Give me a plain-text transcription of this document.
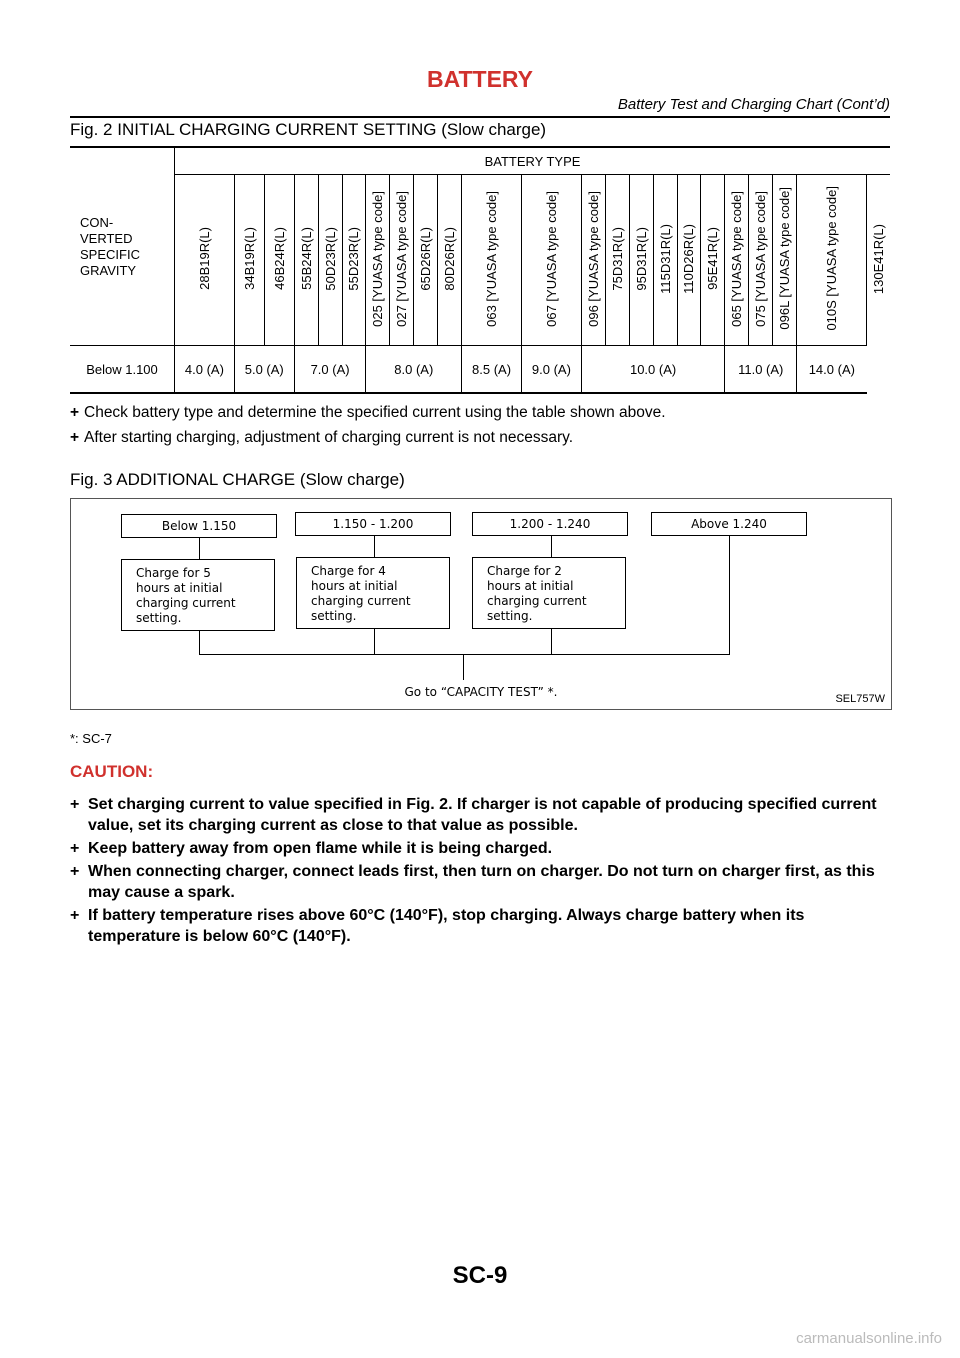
BATTERY
Battery Test and Charging Chart (Cont’d)
Fig. 2 INITIAL CHARGING CURRENT SETTING (Slow charge)
CON-
VERTED
SPECIFIC
GRAVITY	BATTERY TYPE																						
	28B19R(L)	34B19R(L)	46B24R(L)	55B24R(L)	50D23R(L)	55D23R(L)	025 [YUASA type code]	027 [YUASA type code]	65D26R(L)	80D26R(L)	063 [YUASA type code]	067 [YUASA type code]	096 [YUASA type code]	75D31R(L)	95D31R(L)	115D31R(L)	110D26R(L)	95E41R(L)	065 [YUASA type code]	075 [YUASA type code]	096L [YUASA type code]	010S [YUASA type code]	130E41R(L)
Below 1.100	4.0 (A)	5.0 (A)		7.0 (A)			8.0 (A)				8.5 (A)	9.0 (A)	10.0 (A)						11.0 (A)			14.0 (A)	
+ Check battery type and determine the specified current using the table shown above.
+ After starting charging, adjustment of charging current is not necessary.
Fig. 3 ADDITIONAL CHARGE (Slow charge)
Below 1.150	1.150 - 1.200	1.200 - 1.240	Above 1.240
Charge for 5
hours at initial
charging current
setting.
Charge for 4
hours at initial
charging current
setting.
Charge for 2
hours at initial
charging current
setting.
Go to “CAPACITY TEST” *.	SEL757W
*: SC-7
CAUTION:
+ Set charging current to value specified in Fig. 2. If charger is not capable of producing specified current value, set its charging current as close to that value as possible.
+ Keep battery away from open flame while it is being charged.
+ When connecting charger, connect leads first, then turn on charger. Do not turn on charger first, as this may cause a spark.
+ If battery temperature rises above 60°C (140°F), stop charging. Always charge battery when its temperature is below 60°C (140°F).
SC-9
carmanualsonline.info
